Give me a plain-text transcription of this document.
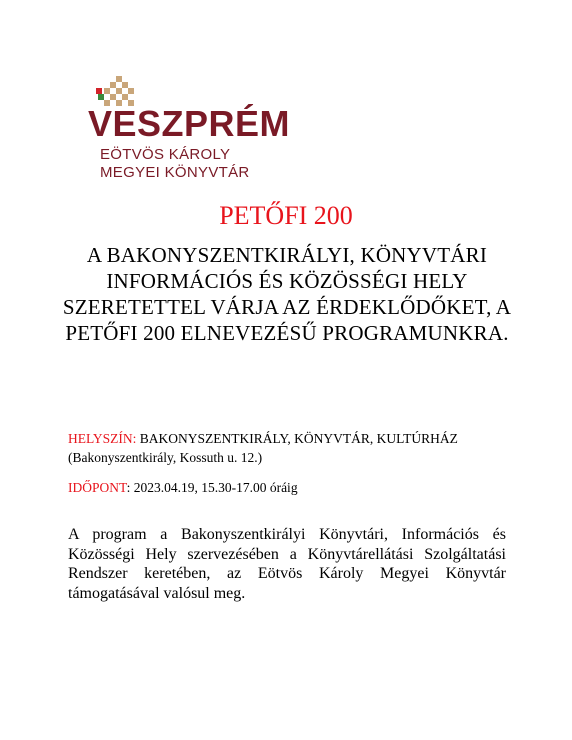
VESZPRÉM
EÖTVÖS KÁROLY
MEGYEI KÖNYVTÁR
PETŐFI 200
A BAKONYSZENTKIRÁLYI, KÖNYVTÁRI INFORMÁCIÓS ÉS KÖZÖSSÉGI HELY SZERETETTEL VÁRJA AZ ÉRDEKLŐDŐKET, A PETŐFI 200 ELNEVEZÉSŰ PROGRAMUNKRA.
HELYSZÍN: BAKONYSZENTKIRÁLY, KÖNYVTÁR, KULTÚRHÁZ
(Bakonyszentkirály, Kossuth u. 12.)
IDŐPONT: 2023.04.19, 15.30-17.00 óráig
A program a Bakonyszentkirályi Könyvtári, Információs és Közösségi Hely szervezésében a Könyvtárellátási Szolgáltatási Rendszer keretében, az Eötvös Károly Megyei Könyvtár támogatásával valósul meg.
